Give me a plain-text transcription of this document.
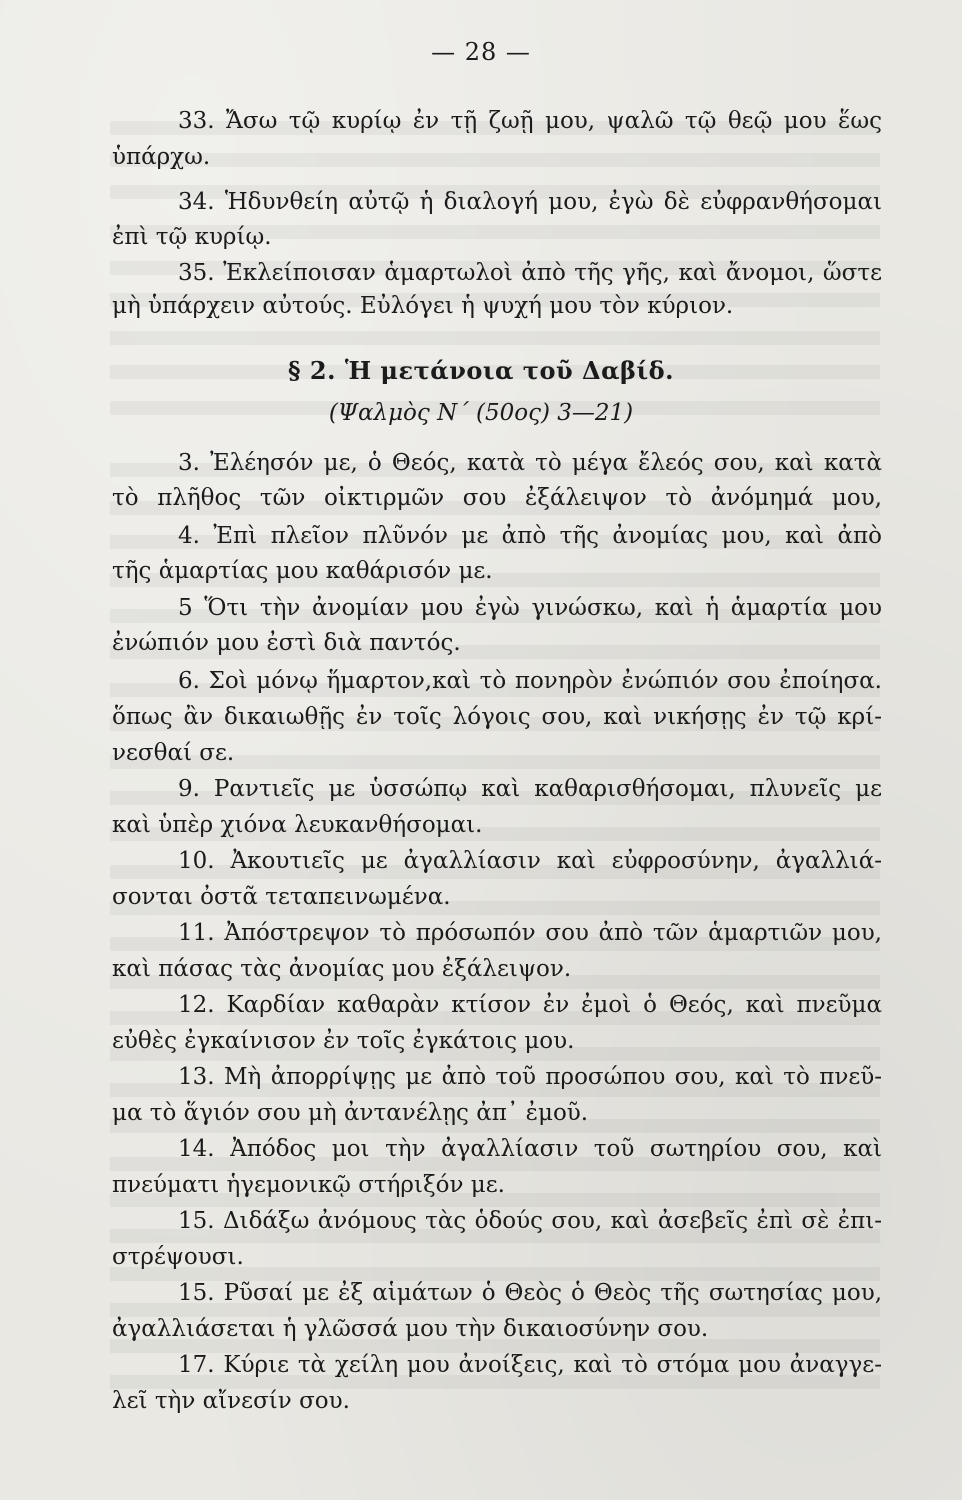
— 28 —
33. Ἄσω τῷ κυρίῳ ἐν τῇ ζωῇ μου, ψαλῶ τῷ θεῷ μου ἕως
ὑπάρχω.
34. Ἡδυνθείη αὐτῷ ἡ διαλογή μου, ἐγὼ δὲ εὐφρανθήσομαι
ἐπὶ τῷ κυρίῳ.
35. Ἐκλείποισαν ἁμαρτωλοὶ ἀπὸ τῆς γῆς, καὶ ἄνομοι, ὥστε
μὴ ὑπάρχειν αὐτούς. Εὐλόγει ἡ ψυχή μου τὸν κύριον.
§ 2. Ἡ μετάνοια τοῦ Δαβίδ.
(Ψαλμὸς Ν΄ (50ος) 3—21)
3. Ἐλέησόν με, ὁ Θεός, κατὰ τὸ μέγα ἔλεός σου, καὶ κατὰ
τὸ πλῆθος τῶν οἰκτιρμῶν σου ἐξάλειψον τὸ ἀνόμημά μου,
4. Ἐπὶ πλεῖον πλῦνόν με ἀπὸ τῆς ἀνομίας μου, καὶ ἀπὸ
τῆς ἁμαρτίας μου καθάρισόν με.
5 Ὅτι τὴν ἀνομίαν μου ἐγὼ γινώσκω, καὶ ἡ ἁμαρτία μου
ἐνώπιόν μου ἐστὶ διὰ παντός.
6. Σοὶ μόνῳ ἥμαρτον,καὶ τὸ πονηρὸν ἐνώπιόν σου ἐποίησα.
ὅπως ἂν δικαιωθῇς ἐν τοῖς λόγοις σου, καὶ νικήσῃς ἐν τῷ κρί-
νεσθαί σε.
9. Ραντιεῖς με ὑσσώπῳ καὶ καθαρισθήσομαι, πλυνεῖς με
καὶ ὑπὲρ χιόνα λευκανθήσομαι.
10. Ἀκουτιεῖς με ἀγαλλίασιν καὶ εὐφροσύνην, ἀγαλλιά-
σονται ὀστᾶ τεταπεινωμένα.
11. Ἀπόστρεψον τὸ πρόσωπόν σου ἀπὸ τῶν ἁμαρτιῶν μου,
καὶ πάσας τὰς ἀνομίας μου ἐξάλειψον.
12. Καρδίαν καθαρὰν κτίσον ἐν ἐμοὶ ὁ Θεός, καὶ πνεῦμα
εὐθὲς ἐγκαίνισον ἐν τοῖς ἐγκάτοις μου.
13. Μὴ ἀπορρίψῃς με ἀπὸ τοῦ προσώπου σου, καὶ τὸ πνεῦ-
μα τὸ ἅγιόν σου μὴ ἀντανέλῃς ἀπ᾽ ἐμοῦ.
14. Ἀπόδος μοι τὴν ἀγαλλίασιν τοῦ σωτηρίου σου, καὶ
πνεύματι ἡγεμονικῷ στήριξόν με.
15. Διδάξω ἀνόμους τὰς ὁδούς σου, καὶ ἀσεβεῖς ἐπὶ σὲ ἐπι-
στρέψουσι.
15. Ρῦσαί με ἐξ αἱμάτων ὁ Θεὸς ὁ Θεὸς τῆς σωτησίας μου,
ἀγαλλιάσεται ἡ γλῶσσά μου τὴν δικαιοσύνην σου.
17. Κύριε τὰ χείλη μου ἀνοίξεις, καὶ τὸ στόμα μου ἀναγγε-
λεῖ τὴν αἴνεσίν σου.
